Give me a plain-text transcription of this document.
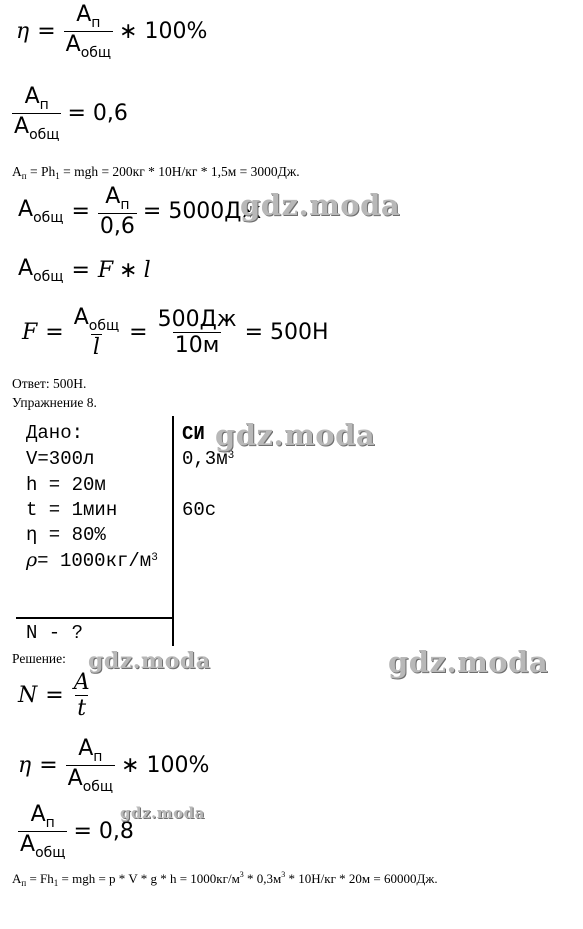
$\eta = \frac{A_п}{A_{общ}}$ ∗ 100%
$\frac{A_п}{A_{общ}} = 0,6$
$A_п = Ph_1$ = mgh = 200кг * 10Н/кг * 1,5м = 3000Дж.
$A_{общ} = \frac{A_п}{0,6} = 5000Дж$
$A_{общ} = F$ ∗ l
$F = \frac{A_{общ}}{l} = \frac{500Дж}{10м} = 500Н$
Ответ: 500Н.
Упражнение 8.
Дано:	СИ
V=300л
h = 20м
t = 1мин
η = 80%
$\rho= 1000кг/м^3$
$0,3м^3$
60с
N - ?
Решение:
$N = \frac{A}{t}$
$\eta = \frac{A_п}{A_{общ}}$ ∗ 100%
$\frac{A_п}{A_{общ}} = 0,8$
$A_п = Fh_1$ = mgh = $p * V * g * h = 1000кг/м^3 * 0,3м^3 * 10Н/кг * 20м = 60000Дж$.
gdz.moda
gdz.moda
gdz.moda	gdz.moda
gdz.moda
